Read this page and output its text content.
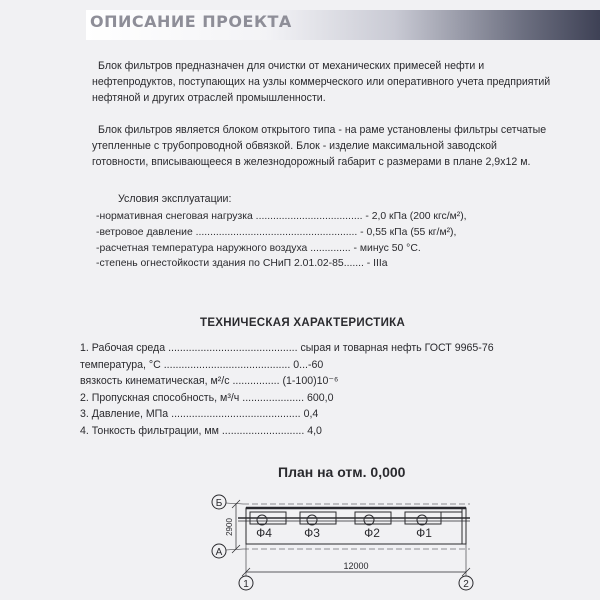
ОПИСАНИЕ ПРОЕКТА

Блок фильтров предназначен для очистки от механических примесей нефти и нефтепродуктов, поступающих на узлы коммерческого или оперативного учета предприятий нефтяной и других отраслей промышленности.

Блок фильтров является блоком открытого типа - на раме установлены фильтры сетчатые утепленные с трубопроводной обвязкой. Блок - изделие максимальной заводской готовности, вписывающееся в железнодорожный габарит с размерами в плане 2,9х12 м.

Условия эксплуатации:
-нормативная снеговая нагрузка ..................................... - 2,0 кПа (200 кгс/м²),
-ветровое давление ........................................................ - 0,55 кПа (55 кг/м²),
-расчетная температура наружного воздуха .............. - минус 50 °С.
-степень огнестойкости здания по СНиП 2.01.02-85....... - IIIа
ТЕХНИЧЕСКАЯ ХАРАКТЕРИСТИКА
1. Рабочая среда ............................................ сырая и товарная нефть ГОСТ 9965-76
температура, °С ........................................... 0...-60
вязкость кинематическая, м²/с ................ (1-100)10⁻⁶
2. Пропускная способность, м³/ч ..................... 600,0
3. Давление, МПа ............................................ 0,4
4. Тонкость фильтрации, мм ............................ 4,0
План на отм. 0,000
Б
А
1	2
2900
12000
Ф4	Ф3	Ф2	Ф1
